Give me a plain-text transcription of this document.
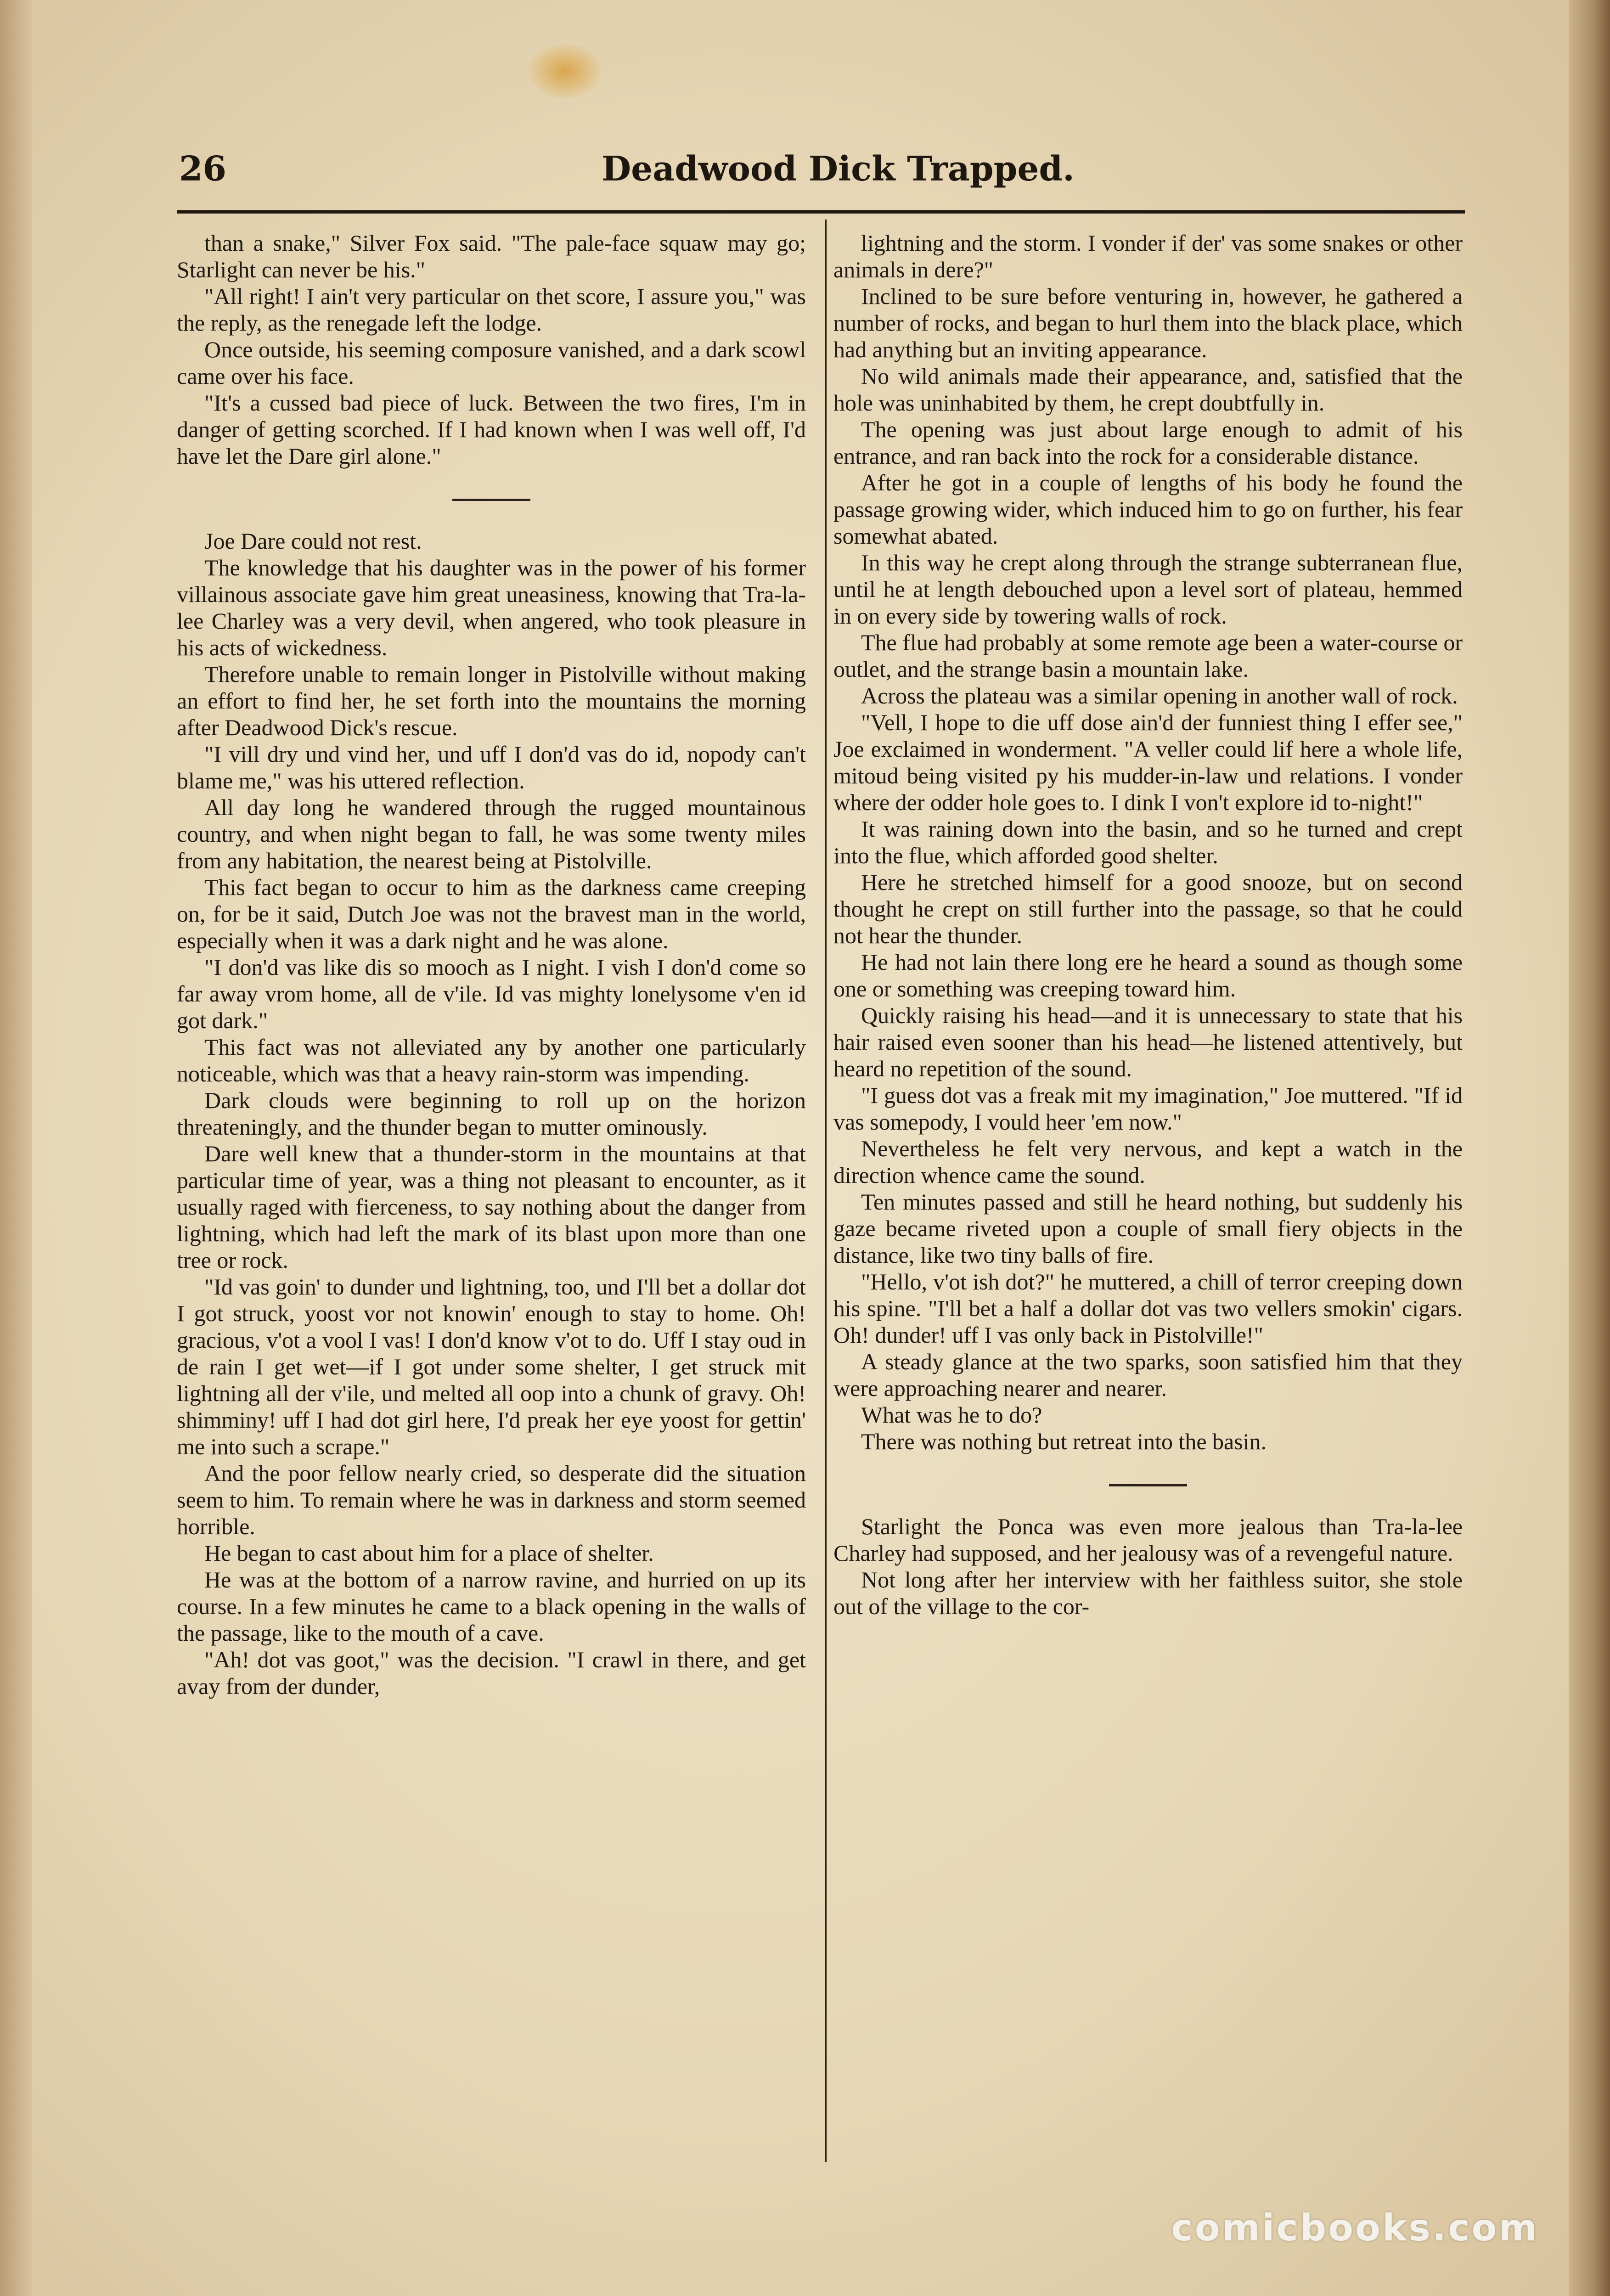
26	Deadwood Dick Trapped.

than a snake," Silver Fox said. "The pale-face squaw may go; Starlight can never be his."

"All right! I ain't very particular on thet score, I assure you," was the reply, as the renegade left the lodge.

Once outside, his seeming composure vanished, and a dark scowl came over his face.

"It's a cussed bad piece of luck. Between the two fires, I'm in danger of getting scorched. If I had known when I was well off, I'd have let the Dare girl alone."

Joe Dare could not rest.

The knowledge that his daughter was in the power of his former villainous associate gave him great uneasiness, knowing that Tra-la-lee Charley was a very devil, when angered, who took pleasure in his acts of wickedness.

Therefore unable to remain longer in Pistolville without making an effort to find her, he set forth into the mountains the morning after Deadwood Dick's rescue.

"I vill dry und vind her, und uff I don'd vas do id, nopody can't blame me," was his uttered reflection.

All day long he wandered through the rugged mountainous country, and when night began to fall, he was some twenty miles from any habitation, the nearest being at Pistolville.

This fact began to occur to him as the darkness came creeping on, for be it said, Dutch Joe was not the bravest man in the world, especially when it was a dark night and he was alone.

"I don'd vas like dis so mooch as I night. I vish I don'd come so far away vrom home, all de v'ile. Id vas mighty lonelysome v'en id got dark."

This fact was not alleviated any by another one particularly noticeable, which was that a heavy rain-storm was impending.

Dark clouds were beginning to roll up on the horizon threateningly, and the thunder began to mutter ominously.

Dare well knew that a thunder-storm in the mountains at that particular time of year, was a thing not pleasant to encounter, as it usually raged with fierceness, to say nothing about the danger from lightning, which had left the mark of its blast upon more than one tree or rock.

"Id vas goin' to dunder und lightning, too, und I'll bet a dollar dot I got struck, yoost vor not knowin' enough to stay to home. Oh! gracious, v'ot a vool I vas! I don'd know v'ot to do. Uff I stay oud in de rain I get wet—if I got under some shelter, I get struck mit lightning all der v'ile, und melted all oop into a chunk of gravy. Oh! shimminy! uff I had dot girl here, I'd preak her eye yoost for gettin' me into such a scrape."

And the poor fellow nearly cried, so desperate did the situation seem to him. To remain where he was in darkness and storm seemed horrible.

He began to cast about him for a place of shelter.

He was at the bottom of a narrow ravine, and hurried on up its course. In a few minutes he came to a black opening in the walls of the passage, like to the mouth of a cave.

"Ah! dot vas goot," was the decision. "I crawl in there, and get avay from der dunder,

lightning and the storm. I vonder if der' vas some snakes or other animals in dere?"

Inclined to be sure before venturing in, however, he gathered a number of rocks, and began to hurl them into the black place, which had anything but an inviting appearance.

No wild animals made their appearance, and, satisfied that the hole was uninhabited by them, he crept doubtfully in.

The opening was just about large enough to admit of his entrance, and ran back into the rock for a considerable distance.

After he got in a couple of lengths of his body he found the passage growing wider, which induced him to go on further, his fear somewhat abated.

In this way he crept along through the strange subterranean flue, until he at length debouched upon a level sort of plateau, hemmed in on every side by towering walls of rock.

The flue had probably at some remote age been a water-course or outlet, and the strange basin a mountain lake.

Across the plateau was a similar opening in another wall of rock.

"Vell, I hope to die uff dose ain'd der funniest thing I effer see," Joe exclaimed in wonderment. "A veller could lif here a whole life, mitoud being visited py his mudder-in-law und relations. I vonder where der odder hole goes to. I dink I von't explore id to-night!"

It was raining down into the basin, and so he turned and crept into the flue, which afforded good shelter.

Here he stretched himself for a good snooze, but on second thought he crept on still further into the passage, so that he could not hear the thunder.

He had not lain there long ere he heard a sound as though some one or something was creeping toward him.

Quickly raising his head—and it is unnecessary to state that his hair raised even sooner than his head—he listened attentively, but heard no repetition of the sound.

"I guess dot vas a freak mit my imagination," Joe muttered. "If id vas somepody, I vould heer 'em now."

Nevertheless he felt very nervous, and kept a watch in the direction whence came the sound.

Ten minutes passed and still he heard nothing, but suddenly his gaze became riveted upon a couple of small fiery objects in the distance, like two tiny balls of fire.

"Hello, v'ot ish dot?" he muttered, a chill of terror creeping down his spine. "I'll bet a half a dollar dot vas two vellers smokin' cigars. Oh! dunder! uff I vas only back in Pistolville!"

A steady glance at the two sparks, soon satisfied him that they were approaching nearer and nearer.

What was he to do?

There was nothing but retreat into the basin.

Starlight the Ponca was even more jealous than Tra-la-lee Charley had supposed, and her jealousy was of a revengeful nature.

Not long after her interview with her faithless suitor, she stole out of the village to the cor-

comicbooks.com
